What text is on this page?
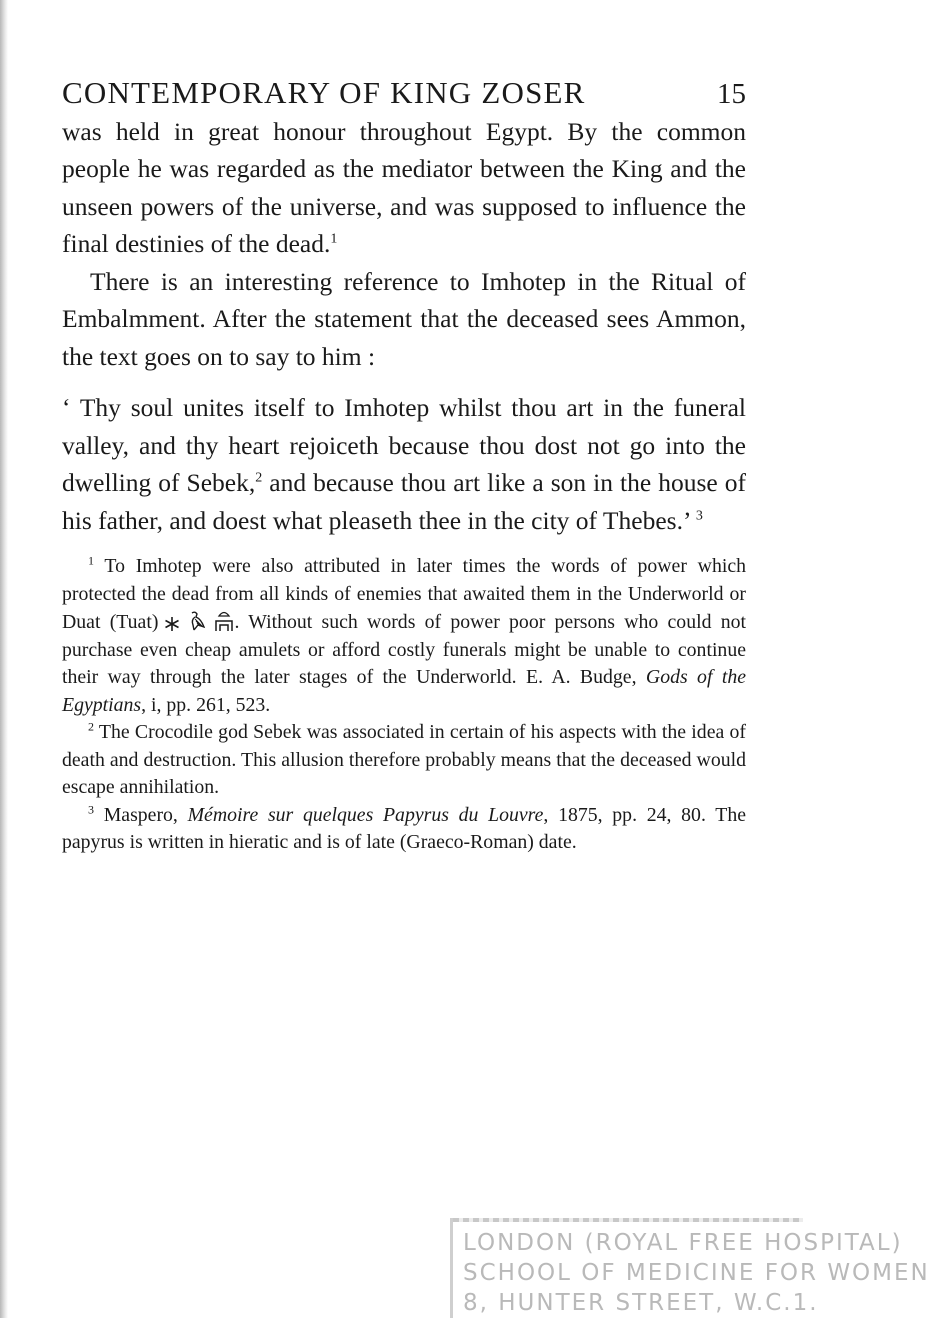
CONTEMPORARY OF KING ZOSER	15

was held in great honour throughout Egypt. By the common people he was regarded as the mediator between the King and the unseen powers of the universe, and was supposed to influence the final destinies of the dead.$^1$

There is an interesting reference to Imhotep in the Ritual of Embalmment. After the statement that the deceased sees Ammon, the text goes on to say to him :

‘ Thy soul unites itself to Imhotep whilst thou art in the funeral valley, and thy heart rejoiceth because thou dost not go into the dwelling of Sebek,$^2$ and because thou art like a son in the house of his father, and doest what pleaseth thee in the city of Thebes.’ $^3$

$^1$ To Imhotep were also attributed in later times the words of power which protected the dead from all kinds of enemies that awaited them in the Underworld or Duat (Tuat)	. Without such words of power poor persons who could not purchase even cheap amulets or afford costly funerals might be unable to continue their way through the later stages of the Underworld. E. A. Budge, Gods of the Egyptians, i, pp. 261, 523.

$^2$ The Crocodile god Sebek was associated in certain of his aspects with the idea of death and destruction. This allusion therefore probably means that the deceased would escape annihilation.

$^3$ Maspero, Mémoire sur quelques Papyrus du Louvre, 1875, pp. 24, 80. The papyrus is written in hieratic and is of late (Graeco-Roman) date.

LONDON (ROYAL FREE HOSPITAL)
SCHOOL OF MEDICINE FOR WOMEN
8, HUNTER STREET, W.C.1.
